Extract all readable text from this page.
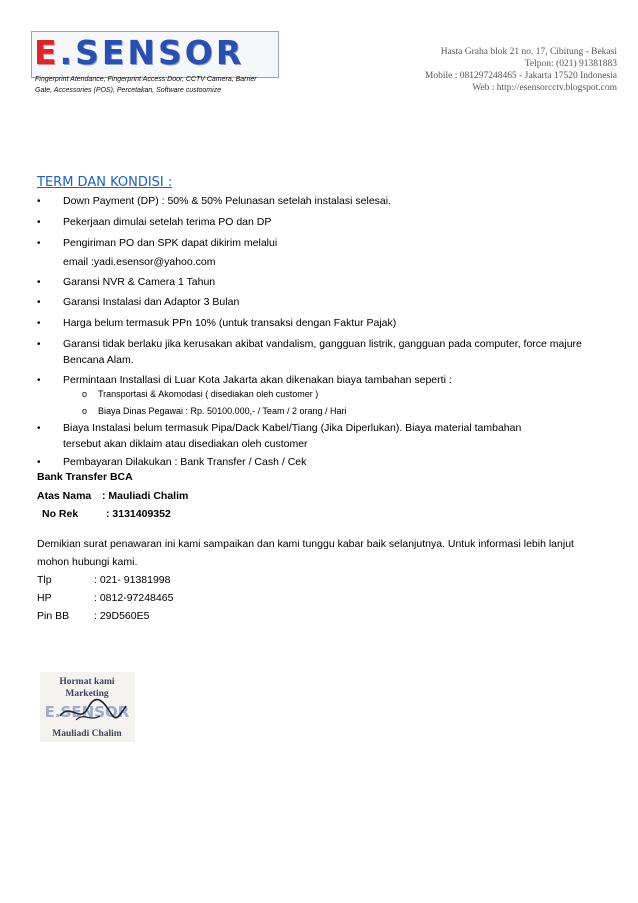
E.SENSOR
Fingerprint Atendance, Fingerprint Access Door, CCTV Camera, Barrier
Gate, Accessories (POS), Percetakan, Software custoomize
Hasta Graha blok 21 no. 17, Cibitung - Bekasi
Telpon: (021) 91381883
Mobile : 081297248465 - Jakarta 17520 Indonesia
Web : http://esensorcctv.blogspot.com
TERM DAN KONDISI :
• Down Payment (DP) : 50% & 50% Pelunasan setelah instalasi selesai.
• Pekerjaan dimulai setelah terima PO dan DP
• Pengiriman PO dan SPK dapat dikirim melalui
email :yadi.esensor@yahoo.com
• Garansi NVR & Camera 1 Tahun
• Garansi Instalasi dan Adaptor 3 Bulan
• Harga belum termasuk PPn 10% (untuk transaksi dengan Faktur Pajak)
• Garansi tidak berlaku jika kerusakan akibat vandalism, gangguan listrik, gangguan pada computer, force majure
Bencana Alam.
• Permintaan Installasi di Luar Kota Jakarta akan dikenakan biaya tambahan seperti :
o Transportasi & Akomodasi ( disediakan oleh customer )
o Biaya Dinas Pegawai : Rp. 50100.000,- / Team / 2 orang / Hari
• Biaya Instalasi belum termasuk Pipa/Dack Kabel/Tiang (Jika Diperlukan). Biaya material tambahan
tersebut akan diklaim atau disediakan oleh customer
• Pembayaran Dilakukan : Bank Transfer / Cash / Cek
Bank Transfer BCA
Atas Nama : Mauliadi Chalim
No Rek	: 3131409352
Demikian surat penawaran ini kami sampaikan dan kami tunggu kabar baik selanjutnya. Untuk informasi lebih lanjut
mohon hubungi kami.
Tlp	: 021- 91381998
HP	: 0812-97248465
Pin BB : 29D560E5
Hormat kami
Marketing
E.SENSOR
Mauliadi Chalim
